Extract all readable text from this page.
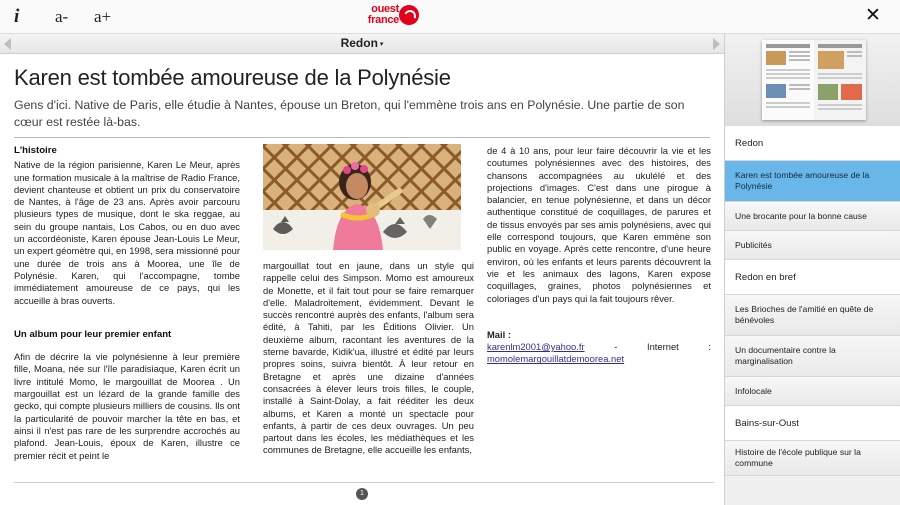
i a- a+	ouest
france	✕
Redon ▾
Karen est tombée amoureuse de la Polynésie
Gens d'ici. Native de Paris, elle étudie à Nantes, épouse un Breton, qui l'emmène trois ans en Polynésie. Une partie de son cœur est restée là-bas.
L'histoire

Native de la région parisienne, Karen Le Meur, après une formation musicale à la maîtrise de Radio France, devient chanteuse et obtient un prix du conservatoire de Nantes, à l'âge de 23 ans. Après avoir parcouru plusieurs types de musique, dont le ska reggae, au sein du groupe nantais, Los Cabos, ou en duo avec un accordéoniste, Karen épouse Jean-Louis Le Meur, un expert géomètre qui, en 1998, sera missionné pour une durée de trois ans à Moorea, une île de Polynésie. Karen, qui l'accompagne, tombe immédiatement amoureuse de ce pays, qui les accueille à bras ouverts.

Un album pour leur premier enfant

Afin de décrire la vie polynésienne à leur première fille, Moana, née sur l'île paradisiaque, Karen écrit un livre intitulé Momo, le margouillat de Moorea . Un margouillat est un lézard de la grande famille des gecko, qui compte plusieurs milliers de cousins. Ils ont la particularité de pouvoir marcher la tête en bas, et ainsi il n'est pas rare de les surprendre accrochés au plafond. Jean-Louis, époux de Karen, illustre ce premier récit et peint le

margouillat tout en jaune, dans un style qui rappelle celui des Simpson. Momo est amoureux de Monette, et il fait tout pour se faire remarquer d'elle. Maladroitement, évidemment. Devant le succès rencontré auprès des enfants, l'album sera édité, à Tahiti, par les Éditions Olivier. Un deuxième album, racontant les aventures de la sterne bavarde, Kidik'ua, illustré et édité par leurs propres soins, suivra bientôt. À leur retour en Bretagne et après une dizaine d'années consacrées à élever leurs trois filles, le couple, installé à Saint-Dolay, a fait rééditer les deux albums, et Karen a monté un spectacle pour enfants, à partir de ces deux ouvrages. Un peu partout dans les écoles, les médiathèques et les communes de Bretagne, elle accueille les enfants,

de 4 à 10 ans, pour leur faire découvrir la vie et les coutumes polynésiennes avec des histoires, des chansons accompagnées au ukulélé et des projections d'images. C'est dans une pirogue à balancier, en tenue polynésienne, et dans un décor authentique constitué de coquillages, de parures et de tissus envoyés par ses amis polynésiens, avec qui elle correspond toujours, que Karen emmène son public en voyage. Après cette rencontre, d'une heure environ, où les enfants et leurs parents découvrent la vie et les animaux des lagons, Karen expose coquillages, graines, photos polynésiennes et coloriages d'un pays qui la fait toujours rêver.

Mail :
karenlm2001@yahoo.fr	-	Internet	:
momolemargouillatdemoorea.net
1
Redon
Karen est tombée amoureuse de la Polynésie
Une brocante pour la bonne cause
Publicités
Redon en bref
Les Brioches de l'amitié en quête de bénévoles
Un documentaire contre la marginalisation
Infolocale
Bains-sur-Oust
Histoire de l'école publique sur la commune
